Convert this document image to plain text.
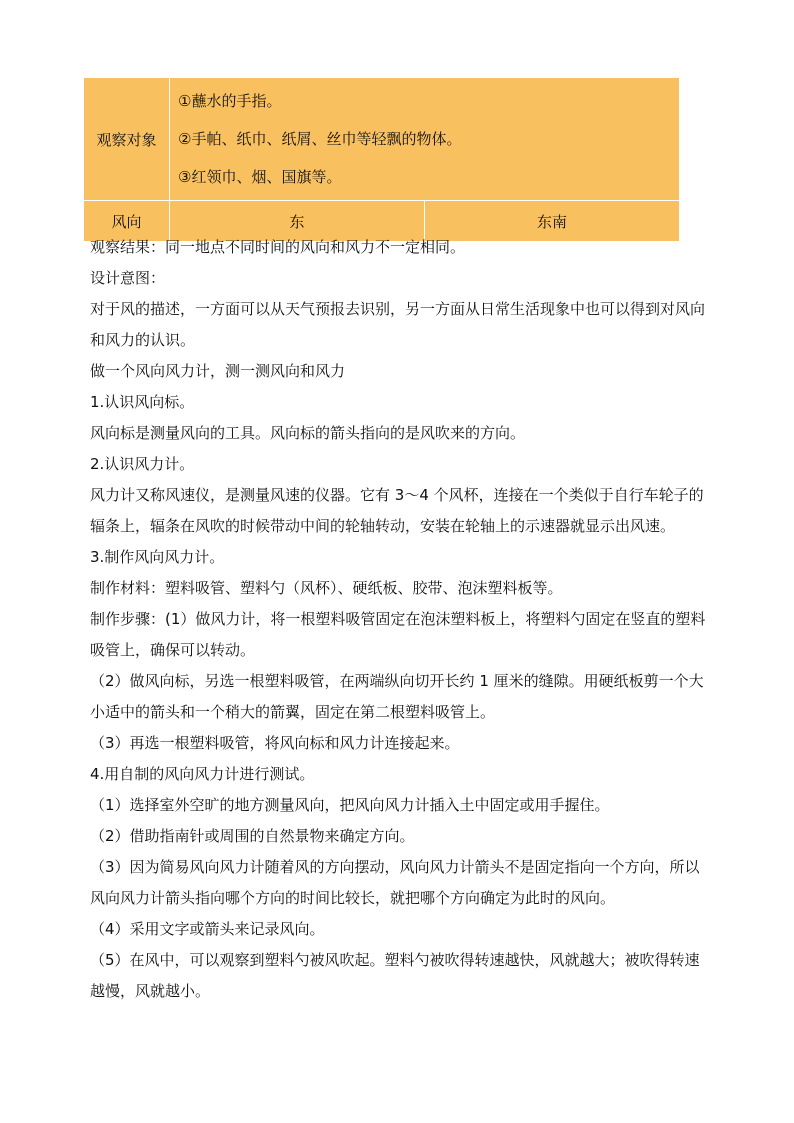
观察对象	①蘸水的手指。
②手帕、纸巾、纸屑、丝巾等轻飘的物体。
③红领巾、烟、国旗等。	

风向	东	东南

观察结果：同一地点不同时间的风向和风力不一定相同。

设计意图：

对于风的描述，一方面可以从天气预报去识别，另一方面从日常生活现象中也可以得到对风向和风力的认识。

做一个风向风力计，测一测风向和风力

1.认识风向标。

风向标是测量风向的工具。风向标的箭头指向的是风吹来的方向。

2.认识风力计。

风力计又称风速仪，是测量风速的仪器。它有 3～4 个风杯，连接在一个类似于自行车轮子的辐条上，辐条在风吹的时候带动中间的轮轴转动，安装在轮轴上的示速器就显示出风速。

3.制作风向风力计。

制作材料：塑料吸管、塑料勺（风杯）、硬纸板、胶带、泡沫塑料板等。

制作步骤：(1）做风力计，将一根塑料吸管固定在泡沫塑料板上，将塑料勺固定在竖直的塑料吸管上，确保可以转动。

（2）做风向标，另选一根塑料吸管，在两端纵向切开长约 1 厘米的缝隙。用硬纸板剪一个大小适中的箭头和一个稍大的箭翼，固定在第二根塑料吸管上。

（3）再选一根塑料吸管，将风向标和风力计连接起来。

4.用自制的风向风力计进行测试。

（1）选择室外空旷的地方测量风向，把风向风力计插入土中固定或用手握住。

（2）借助指南针或周围的自然景物来确定方向。

（3）因为简易风向风力计随着风的方向摆动，风向风力计箭头不是固定指向一个方向，所以风向风力计箭头指向哪个方向的时间比较长，就把哪个方向确定为此时的风向。

（4）采用文字或箭头来记录风向。

（5）在风中，可以观察到塑料勺被风吹起。塑料勺被吹得转速越快，风就越大；被吹得转速越慢，风就越小。
